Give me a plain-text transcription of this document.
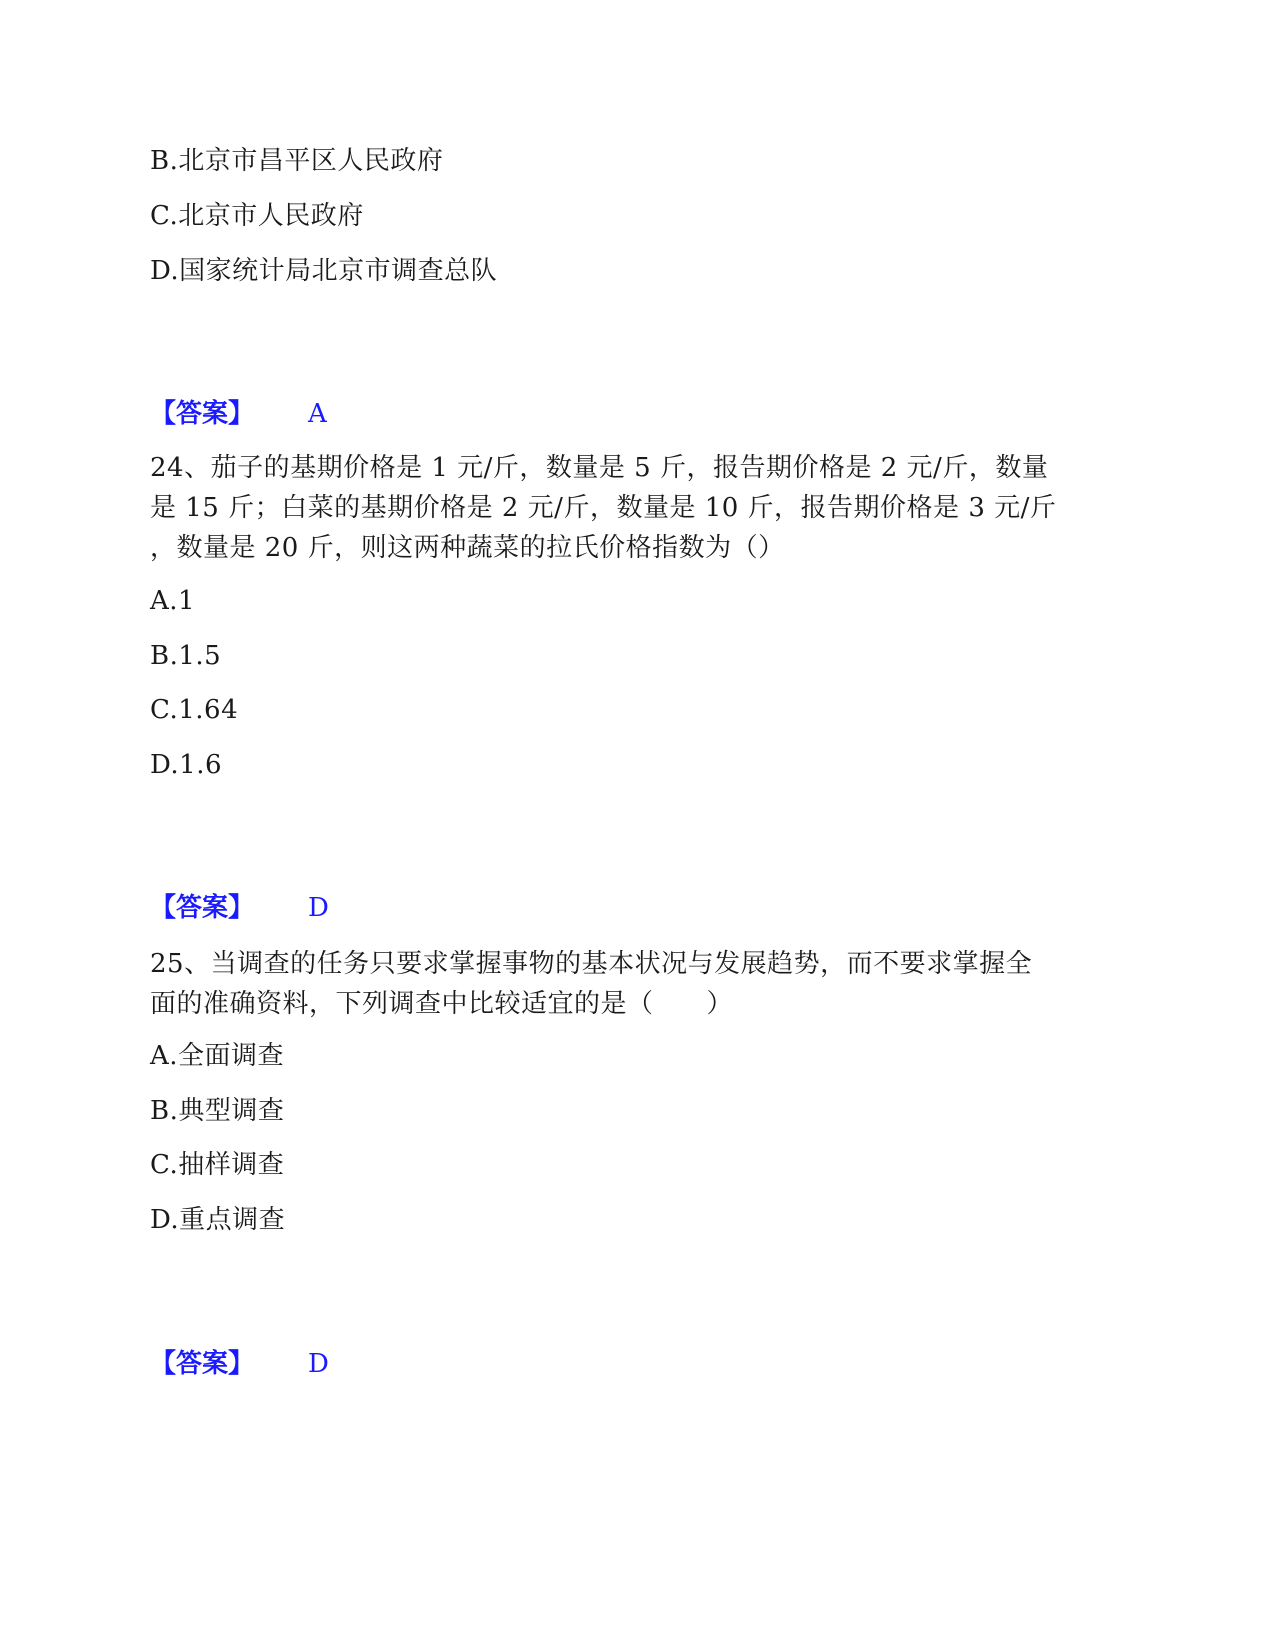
B.北京市昌平区人民政府
C.北京市人民政府
D.国家统计局北京市调查总队
【答案】 A
24、茄子的基期价格是 1 元/斤，数量是 5 斤，报告期价格是 2 元/斤，数量
是 15 斤；白菜的基期价格是 2 元/斤，数量是 10 斤，报告期价格是 3 元/斤
，数量是 20 斤，则这两种蔬菜的拉氏价格指数为（）
A.1
B.1.5
C.1.64
D.1.6
【答案】 D
25、当调查的任务只要求掌握事物的基本状况与发展趋势，而不要求掌握全
面的准确资料，下列调查中比较适宜的是（　　）
A.全面调查
B.典型调查
C.抽样调查
D.重点调查
【答案】 D
